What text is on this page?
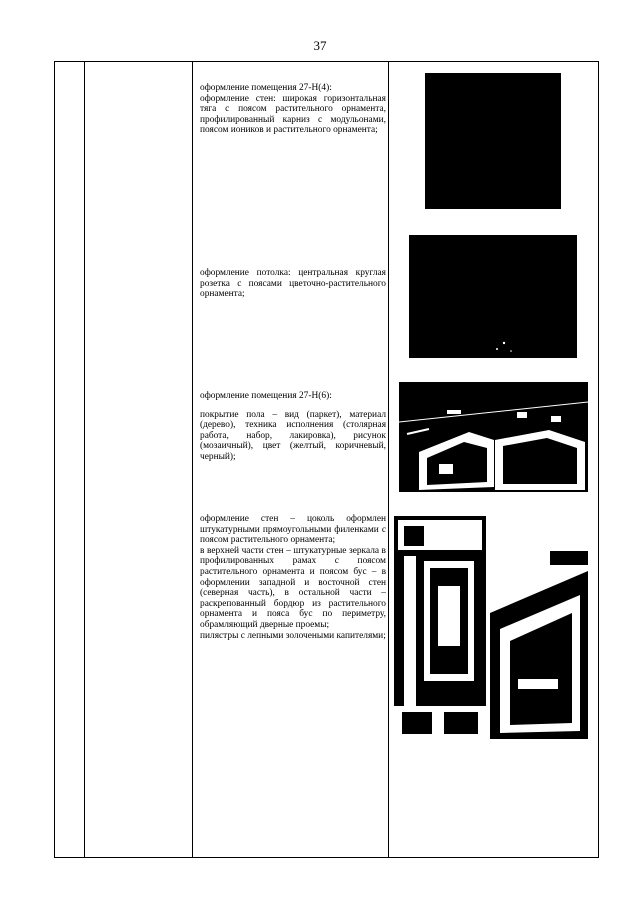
37

оформление помещения 27-Н(4):

оформление стен: широкая горизонтальная тяга с поясом растительного орнамента, профилированный карниз с модульонами, поясом иоников и растительного орнамента;

оформление потолка: центральная круглая розетка с поясами цветочно-растительного орнамента;

оформление помещения 27-Н(6):

покрытие пола – вид (паркет), материал (дерево), техника исполнения (столярная работа, набор, лакировка), рисунок (мозаичный), цвет (желтый, коричневый, черный);

оформление стен – цоколь оформлен штукатурными прямоугольными филенками с поясом растительного орнамента;

в верхней части стен – штукатурные зеркала в профилированных рамах с поясом растительного орнамента и поясом бус – в оформлении западной и восточной стен (северная часть), в остальной части – раскрепованный бордюр из растительного орнамента и пояса бус по периметру, обрамляющий дверные проемы;

пилястры с лепными золочеными капителями;
